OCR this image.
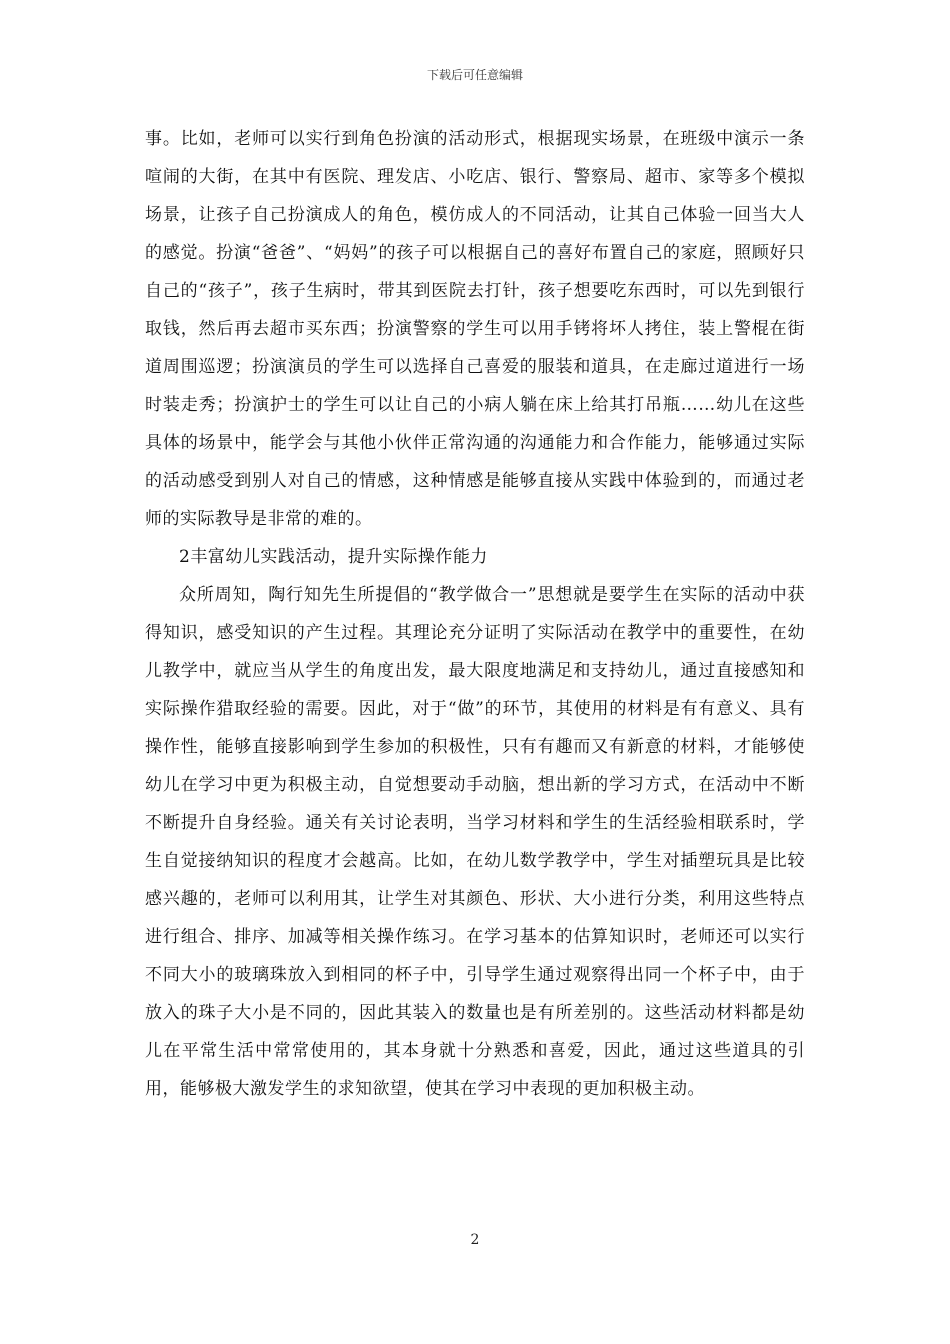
下载后可任意编辑

事。比如，老师可以实行到角色扮演的活动形式，根据现实场景，在班级中演示一条喧闹的大街，在其中有医院、理发店、小吃店、银行、警察局、超市、家等多个模拟场景，让孩子自己扮演成人的角色，模仿成人的不同活动，让其自己体验一回当大人的感觉。扮演“爸爸”、“妈妈”的孩子可以根据自己的喜好布置自己的家庭，照顾好只自己的“孩子”，孩子生病时，带其到医院去打针，孩子想要吃东西时，可以先到银行取钱，然后再去超市买东西；扮演警察的学生可以用手铐将坏人拷住，装上警棍在街道周围巡逻；扮演演员的学生可以选择自己喜爱的服装和道具，在走廊过道进行一场时装走秀；扮演护士的学生可以让自己的小病人躺在床上给其打吊瓶……幼儿在这些具体的场景中，能学会与其他小伙伴正常沟通的沟通能力和合作能力，能够通过实际的活动感受到别人对自己的情感，这种情感是能够直接从实践中体验到的，而通过老师的实际教导是非常的难的。

2丰富幼儿实践活动，提升实际操作能力

众所周知，陶行知先生所提倡的“教学做合一”思想就是要学生在实际的活动中获得知识，感受知识的产生过程。其理论充分证明了实际活动在教学中的重要性，在幼儿教学中，就应当从学生的角度出发，最大限度地满足和支持幼儿，通过直接感知和实际操作猎取经验的需要。因此，对于“做”的环节，其使用的材料是有有意义、具有操作性，能够直接影响到学生参加的积极性，只有有趣而又有新意的材料，才能够使幼儿在学习中更为积极主动，自觉想要动手动脑，想出新的学习方式，在活动中不断不断提升自身经验。通关有关讨论表明，当学习材料和学生的生活经验相联系时，学生自觉接纳知识的程度才会越高。比如，在幼儿数学教学中，学生对插塑玩具是比较感兴趣的，老师可以利用其，让学生对其颜色、形状、大小进行分类，利用这些特点进行组合、排序、加减等相关操作练习。在学习基本的估算知识时，老师还可以实行不同大小的玻璃珠放入到相同的杯子中，引导学生通过观察得出同一个杯子中，由于放入的珠子大小是不同的，因此其装入的数量也是有所差别的。这些活动材料都是幼儿在平常生活中常常使用的，其本身就十分熟悉和喜爱，因此，通过这些道具的引用，能够极大激发学生的求知欲望，使其在学习中表现的更加积极主动。

2
